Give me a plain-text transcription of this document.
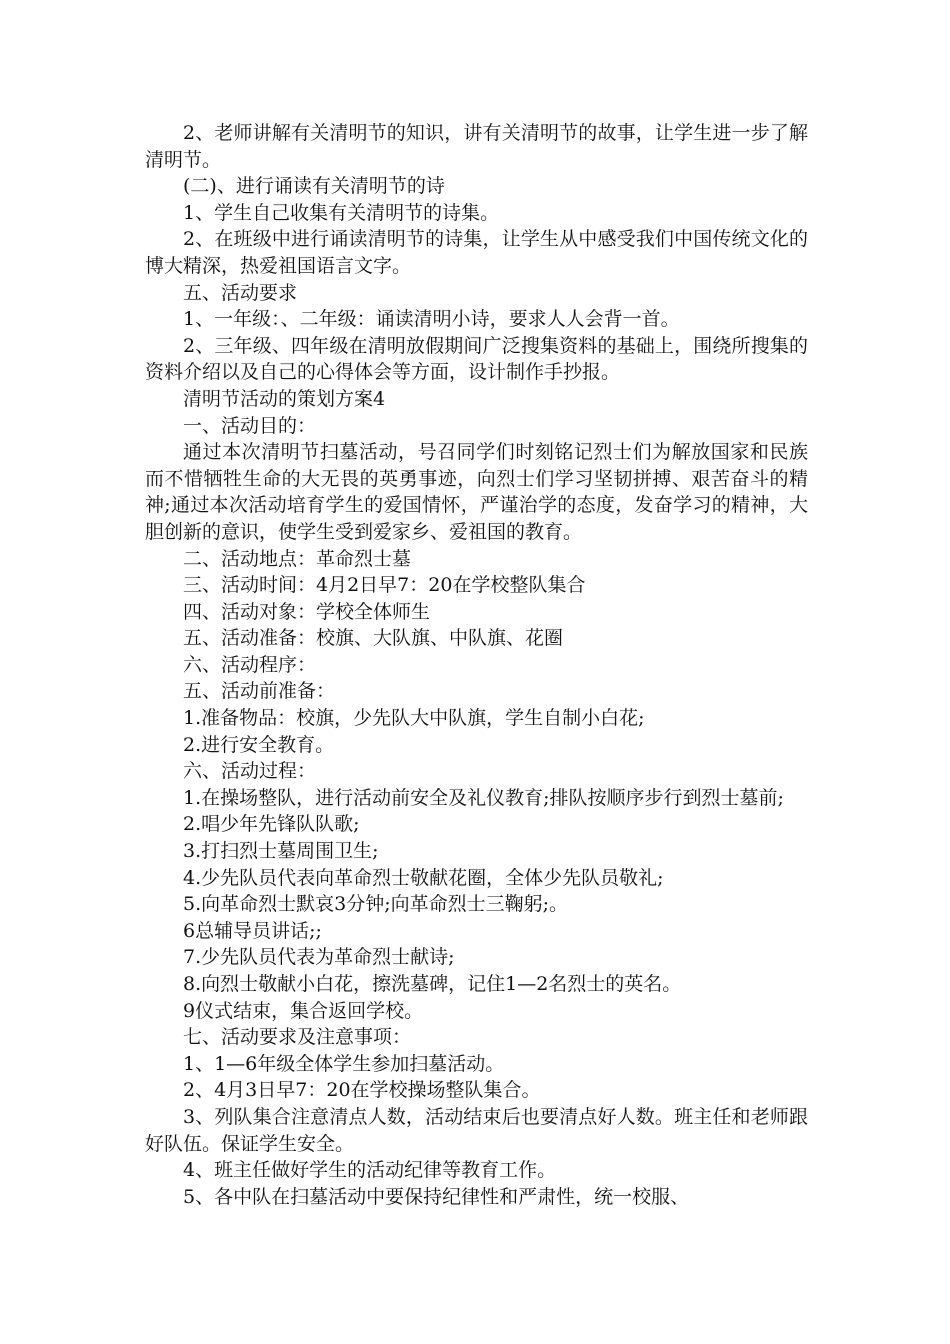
2、老师讲解有关清明节的知识，讲有关清明节的故事，让学生进一步了解清明节。

(二)、进行诵读有关清明节的诗

1、学生自己收集有关清明节的诗集。

2、在班级中进行诵读清明节的诗集，让学生从中感受我们中国传统文化的博大精深，热爱祖国语言文字。

五、活动要求

1、一年级：、二年级：诵读清明小诗，要求人人会背一首。

2、三年级、四年级在清明放假期间广泛搜集资料的基础上，围绕所搜集的资料介绍以及自己的心得体会等方面，设计制作手抄报。

清明节活动的策划方案4

一、活动目的：

通过本次清明节扫墓活动，号召同学们时刻铭记烈士们为解放国家和民族而不惜牺牲生命的大无畏的英勇事迹，向烈士们学习坚韧拼搏、艰苦奋斗的精神;通过本次活动培育学生的爱国情怀，严谨治学的态度，发奋学习的精神，大胆创新的意识，使学生受到爱家乡、爱祖国的教育。

二、活动地点：革命烈士墓

三、活动时间：4月2日早7：20在学校整队集合

四、活动对象：学校全体师生

五、活动准备：校旗、大队旗、中队旗、花圈

六、活动程序：

五、活动前准备：

1.准备物品：校旗，少先队大中队旗，学生自制小白花;

2.进行安全教育。

六、活动过程：

1.在操场整队，进行活动前安全及礼仪教育;排队按顺序步行到烈士墓前;

2.唱少年先锋队队歌;

3.打扫烈士墓周围卫生;

4.少先队员代表向革命烈士敬献花圈，全体少先队员敬礼;

5.向革命烈士默哀3分钟;向革命烈士三鞠躬;。

6总辅导员讲话;;

7.少先队员代表为革命烈士献诗;

8.向烈士敬献小白花，擦洗墓碑，记住1—2名烈士的英名。

9仪式结束，集合返回学校。

七、活动要求及注意事项：

1、1—6年级全体学生参加扫墓活动。

2、4月3日早7：20在学校操场整队集合。

3、列队集合注意清点人数，活动结束后也要清点好人数。班主任和老师跟好队伍。保证学生安全。

4、班主任做好学生的活动纪律等教育工作。

5、各中队在扫墓活动中要保持纪律性和严肃性，统一校服、
